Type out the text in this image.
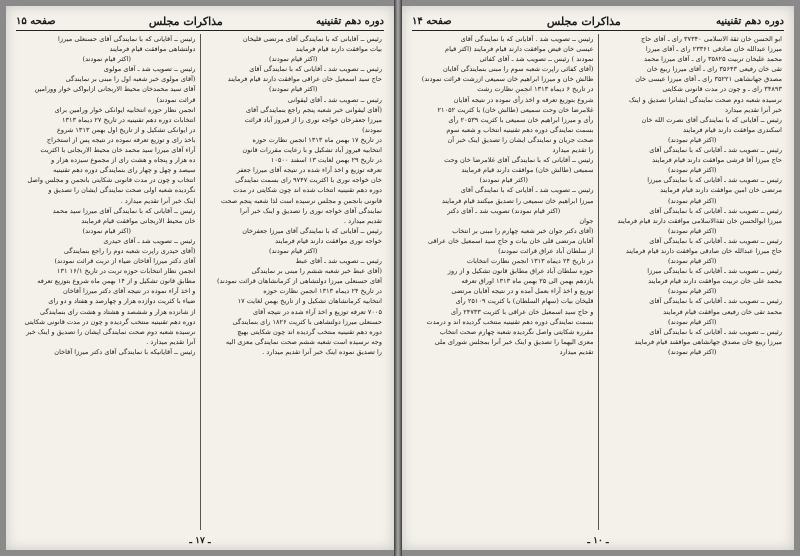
دوره دهم تقنینیه
مذاکرات مجلس
صفحه ۱۵
رئیس ــ آقایانی که با نمایندگی آقای مرتضی قلیخان
بیات موافقت دارند قیام فرمایند
(اکثر قیام نمودند)
رئیس ــ تصویب شد ـ آقایانی که با نمایندگی آقای
حاج سید اسمعیل خان عراقی موافقت دارند قیام فرمایند
(اکثر قیام نمودند)
رئیس ــ تصویب شد ـ آقای لیقوانی
(آقای لیقوانی خبر شعبه پنجم راجع بنمایندگی آقای
میرزا جعفرخان خواجه نوری را از فیروز آباد قرائت
نمودند)
در تاریخ ۱۷ بهمن ماه ۱۳۱۳ انجمن نظارت حوزه
انتخابیه فیروز آباد تشکیل و با رعایت مقررات قانون
در تاریخ ۲۹ بهمن لغایت ۱۳ اسفند ۱۰۵۰۰
تعرفه توزیع و اخذ آراء شده در نتیجه آقای میرزا جعفر
خان خواجه نوری با اکثریت ۹۷۴۷ رای بسمت نمایندگی
دوره دهم تقنینیه انتخاب شده اند چون شکایتی در مدت
قانونی بانجمن و مجلس نرسیده است لذا شعبه پنجم صحت
نمایندگی آقای خواجه نوری را تصدیق و اینک خبر آنرا
تقدیم میدارد .
رئیس ــ آقایانی که با نمایندگی آقای میرزا جعفرخان
خواجه نوری موافقت دارند قیام فرمایند
(اکثر قیام نمودند)
رئیس ــ تصویب شد ـ آقای عبط
(آقای عبط خبر شعبه ششم را مبنی بر نمایندگی
آقای حسنعلی میرزا دولتشاهی از کرمانشاهان قرائت نمودند)
در تاریخ ۲۴ دیماه ۱۳۱۳ انجمن نظارت حوزه
انتخابیه کرمانشاهان تشکیل و از تاریخ بهمن لغایت ۱۷
۷۰۰۵ تعرفه توزیع و اخذ آراء شده در نتیجه آقای
حسنعلی میرزا دولتشاهی با کثریت ۱۸۲۶ رای بنمایندگی
دوره دهم تقنینیه منتخب گردیده اند چون شکایتی بهیچ
وجه نرسیده است شعبه ششم صحت نمایندگی معزی الیه
را تصدیق نموده اینک خبر آنرا تقدیم میدارد .
رئیس ــ آقایانی که با نمایندگی آقای حسنعلی میرزا
دولتشاهی موافقت قیام فرمایند
(اکثر قیام نمودند)
رئیس ــ تصویب شد ـ آقای مولوی
(آقای مولوی خبر شعبه اول را مبنی بر نمایندگی
آقای سید محمدخان محیط الاربجانی ازابواکی خوار وورامین
قرائت نمودند)
انجمن نظار حوزه انتخابیه ایوانکی خوار ورامین برای
انتخابات دوره دهم تقنینیه در تاریخ ۲۷ دیماه ۱۳۱۳
در ایوانکی تشکیل و از تاریخ اول بهمن ۱۳۱۳ شروع
باخذ رای و توزیع تعرفه نموده در نتیجه پس از استخراج
آراء آقای میرزا سید محمد خان محیط الاربجانی با اکثریت
ده هزار و پنجاه و هشت رای از مجموع سیزده هزار و
سیصد و چهل و چهار رای بنمایندگی دوره دهم تقنینیه
انتخاب و چون در مدت قانونی شکایتی بانجمن و مجلس واصل
نگردیده شعبه اولی صحت نمایندگی ایشان را تصدیق و
اینک خبر آنرا تقدیم میدارد .
رئیس ــ آقایانی که با نمایندگی آقای میرزا سید محمد
خان محیط الاربجانی موافقت قیام فرمایند
(اکثر قیام نمودند)
رئیس ــ تصویب شد ـ آقای حیدری
(آقای حیدری راپرت شعبه دوم را راجع بنمایندگی
آقای دکتر میرزا آقاخان ضیاء از تربت قرائت نمودند)
انجمن نظار انتخابات حوزه تربت در تاریخ ۱۶/۱ ۱۳۱
مطابق قانون تشکیل و از ۱۴ بهمن ماه شروع بتوزیع تعرفه
و اخذ آراء نموده در نتیجه آقای دکتر میرزا آقاخان
ضیاء با کثریت دوازده هزار و چهارصد و هفتاد و دو رای
از شانزده هزار و ششصد و هشتاد و هشت رای بنمایندگی
دوره دهم تقنینیه منتخب گردیده و چون در مدت قانونی شکایتی
نرسیده شعبه دوم صحت نمایندگی ایشان را تصدیق و اینک خبر
آنرا تقدیم میدارد .
رئیس ــ آقایانیکه با نمایندگی آقای دکتر میرزا آقاخان
ـ ۱۷ ـ
دوره دهم تقنینیه
مذاکرات مجلس
صفحه ۱۴
ابو الحسن خان ثقة الاسلامی ۳۷۳۴۰ رای ـ آقای حاج
میرزا عبدالله خان صادقی ۲۳۳۶۱ رای ـ آقای میرزا
محمد علیخان تربیت ۳۵۸۲۵ رای ـ آقای میرزا محمد
تقی خان رفیعی ۳۵۶۴۳ رای ـ آقای میرزا ربیع خان
مصدق جهانشاهی ۳۵۲۲۱ رای ـ آقای میرزا عیسی خان
۳۴۸۹۳ رای ـ و چون در مدت قانونی شکایتی
نرسیده شعبه دوم صحت نمایندگی ایشانرا تصدیق و اینک
خبر آنرا تقدیم میدارد
رئیس ــ آقایانی که با نمایندگی آقای نصرت الله خان
اسکندری موافقت دارند قیام فرمایند
(اکثر قیام نمودند)
رئیس ــ تصویب شد ـ آقایانی که با نمایندگی آقای
حاج میرزا آقا فرشی موافقت دارند قیام فرمایند
(اکثر قیام نمودند)
رئیس ــ تصویب شد ـ آقایانی که با نمایندگی میرزا
مرتضی خان امین موافقت دارند قیام فرمایند
(اکثر قیام نمودند)
رئیس ــ تصویب شد ـ آقایانی که با نمایندگی آقای
میرزا ابوالحسن خان ثقةالاسلامی موافقت دارند قیام فرمایند
(اکثر قیام نمودند)
رئیس ــ تصویب شد ـ آقایانی که با نمایندگی آقای
حاج میرزا عبدالله خان صادقی موافقت دارند قیام فرمایند
(اکثر قیام نمودند)
رئیس ــ تصویب شد ـ آقایانی که با نمایندگی میرزا
محمد علی خان تربیت موافقت دارند قیام فرمایند
(اکثر قیام نمودند)
رئیس ــ تصویب شد ـ آقایانی که با نمایندگی آقای
محمد تقی خان رفیعی موافقت قیام فرمایند
(اکثر قیام نمودند)
رئیس ــ تصویب شد ـ آقایانی که با نمایندگی آقای
میرزا ربیع خان مصدق جهانشاهی موافقند قیام فرمایند
(اکثر قیام نمودند)
رئیس ــ تصویب شد . آقایانی که با نمایندگی آقای
عیسی خان فیض موافقت دارند قیام فرمایند (اکثر قیام
نمودند ) رئیس ــ تصویب شد ـ آقای کفائی
(آقای کفائی راپرت شعبه سوم را مبنی بنمایندگی آقایان
طالش خان و میرزا ابراهیم خان سمیعی ازرشت قرائت نمودند)
در تاریخ ۶ دیماه ۱۳۱۳ انجمن نظارت رشت
شروع بتوزیع تعرفه و اخذ رأی نموده در نتیجه آقایان
غلامرضا خان وحت سمیعی (طالش خان) با کثریت ۲۱۰۵۲
رأی و میرزا ابراهیم خان سمیعی با کثریت ۲۰۵۳۹ رأی
بسمت نمایندگی دوره دهم تقنینیه انتخاب و شعبه سوم
صحت جریان و نمایندگی ایشان را تصدیق اینک خبر آن
را تقدیم میدارد
رئیس ــ آقایانی که با نمایندگی آقای غلامرضا خان وحت
سمیعی (طالش خان) موافقت دارند قیام فرمایند
(اکثر قیام نمودند)
رئیس ــ تصویب شد ـ آقایانی که با نمایندگی آقای
میرزا ابراهیم خان سمیعی را تصدیق میکنند قیام فرمایند
(اکثر قیام نمودند) تصویب شد ـ آقای دکتر
جوان
(آقای دکتر جوان خبر شعبه چهارم را مبنی بر انتخاب
آقایان مرتضی قلی خان بیات و حاج سید اسمعیل خان عراقی
از سلطان آباد عراق قرائت نمودند)
در تاریخ ۲۴ دیماه ۱۳۱۳ انجمن نظارت انتخابات
حوزه سلطان آباد عراق مطابق قانون تشکیل و از روز
یازدهم بهمن الی ۲۵ بهمن ماه ۱۳۱۳ اوراق تعرفه
توزیع و اخذ آراء بعمل آمده و در نتیجه آقایان مرتضی
قلیخان بیات (سهام السلطان) با کثریت ۲۵۱۰۹ رأی
و حاج سید اسمعیل خان عراقی با کثریت ۲۴۷۳۳ رأی
بسمت نمایندگی دوره دهم تقنینیه منتخب گردیده اند و درمدت
مقرره شکایتی واصل نگردیده شعبه چهارم صحت انتخاب
معزی الیهما را تصدیق و اینک خبر آنرا بمجلس شورای ملی
تقدیم میدارد
ـ ۱۰ ـ
